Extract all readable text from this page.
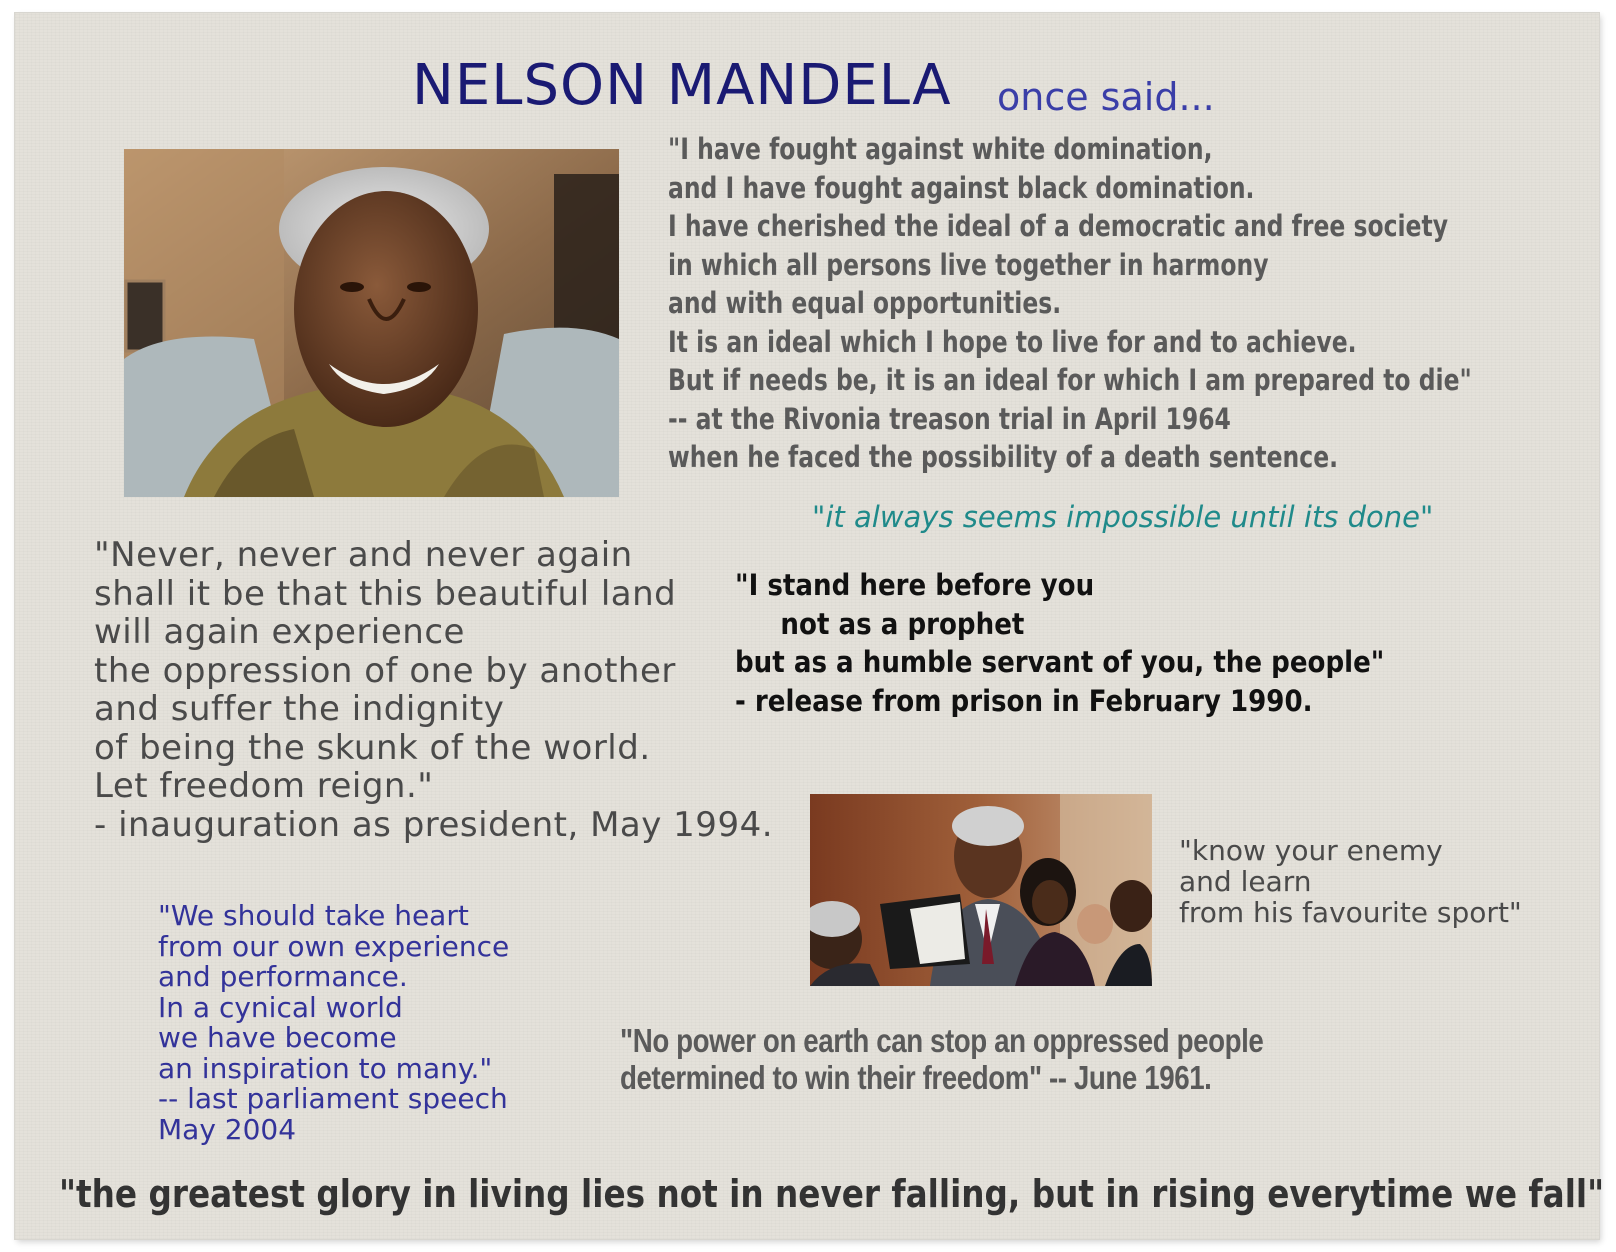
NELSON MANDELA once said...
"I have fought against white domination,
and I have fought against black domination.
I have cherished the ideal of a democratic and free society
in which all persons live together in harmony
and with equal opportunities.
It is an ideal which I hope to live for and to achieve.
But if needs be, it is an ideal for which I am prepared to die"
-- at the Rivonia treason trial in April 1964
when he faced the possibility of a death sentence.
"it always seems impossible until its done"
"Never, never and never again
shall it be that this beautiful land
will again experience
the oppression of one by another
and suffer the indignity
of being the skunk of the world.
Let freedom reign."
- inauguration as president, May 1994.
"I stand here before you
not as a prophet
but as a humble servant of you, the people"
- release from prison in February 1990.
"know your enemy
and learn
from his favourite sport"
"We should take heart
from our own experience
and performance.
In a cynical world
we have become
an inspiration to many."
-- last parliament speech
May 2004
"No power on earth can stop an oppressed people
determined to win their freedom" -- June 1961.
"the greatest glory in living lies not in never falling, but in rising everytime we fall"
